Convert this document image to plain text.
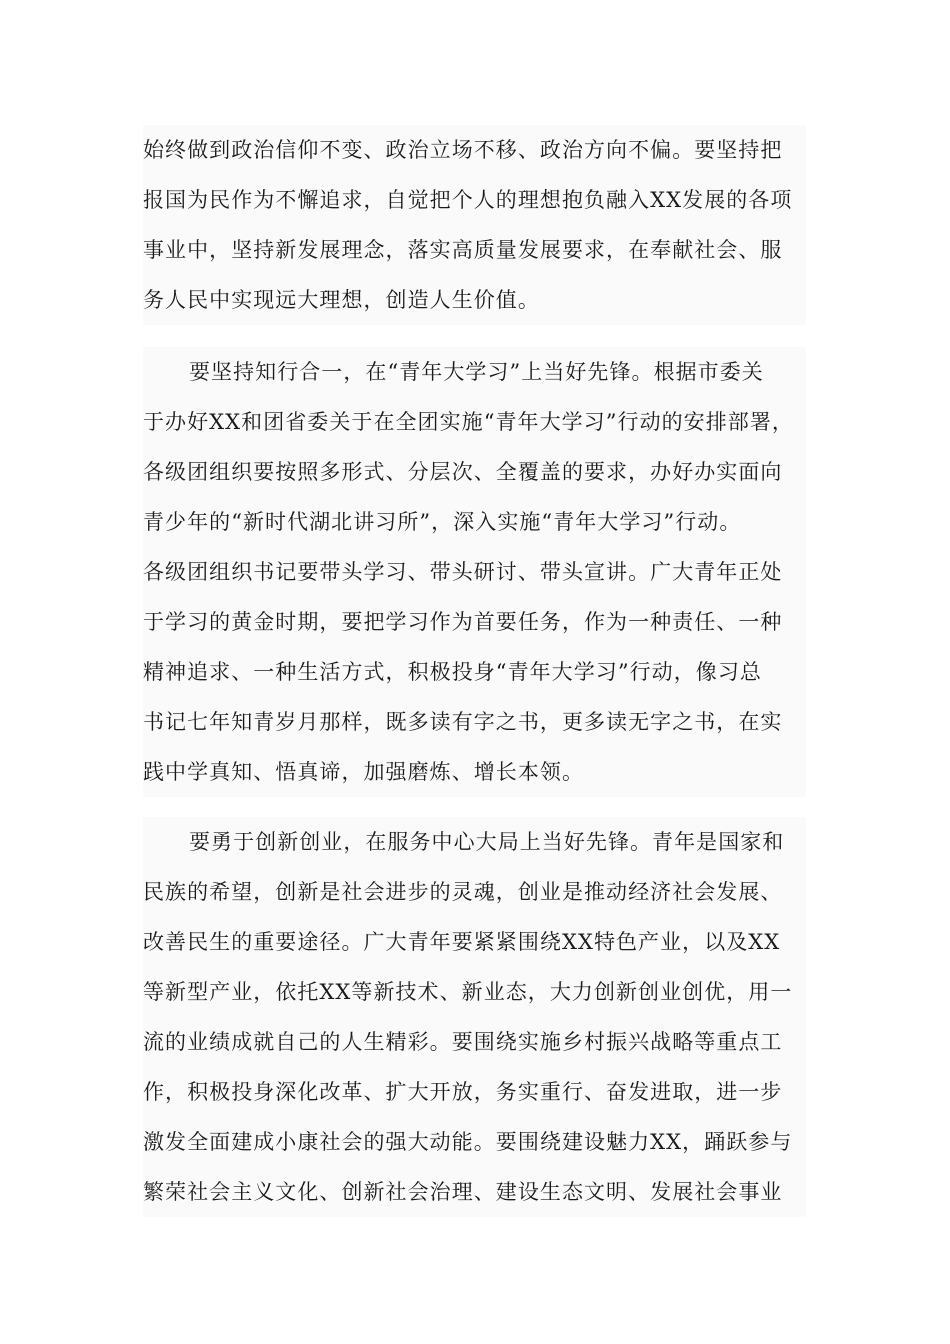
始终做到政治信仰不变、政治立场不移、政治方向不偏。要坚持把
报国为民作为不懈追求，自觉把个人的理想抱负融入XX发展的各项
事业中，坚持新发展理念，落实高质量发展要求，在奉献社会、服
务人民中实现远大理想，创造人生价值。
要坚持知行合一，在“青年大学习”上当好先锋。根据市委关
于办好XX和团省委关于在全团实施“青年大学习”行动的安排部署，
各级团组织要按照多形式、分层次、全覆盖的要求，办好办实面向
青少年的“新时代湖北讲习所”，深入实施“青年大学习”行动。
各级团组织书记要带头学习、带头研讨、带头宣讲。广大青年正处
于学习的黄金时期，要把学习作为首要任务，作为一种责任、一种
精神追求、一种生活方式，积极投身“青年大学习”行动，像习总
书记七年知青岁月那样，既多读有字之书，更多读无字之书，在实
践中学真知、悟真谛，加强磨炼、增长本领。
要勇于创新创业，在服务中心大局上当好先锋。青年是国家和
民族的希望，创新是社会进步的灵魂，创业是推动经济社会发展、
改善民生的重要途径。广大青年要紧紧围绕XX特色产业，以及XX
等新型产业，依托XX等新技术、新业态，大力创新创业创优，用一
流的业绩成就自己的人生精彩。要围绕实施乡村振兴战略等重点工
作，积极投身深化改革、扩大开放，务实重行、奋发进取，进一步
激发全面建成小康社会的强大动能。要围绕建设魅力XX，踊跃参与
繁荣社会主义文化、创新社会治理、建设生态文明、发展社会事业
